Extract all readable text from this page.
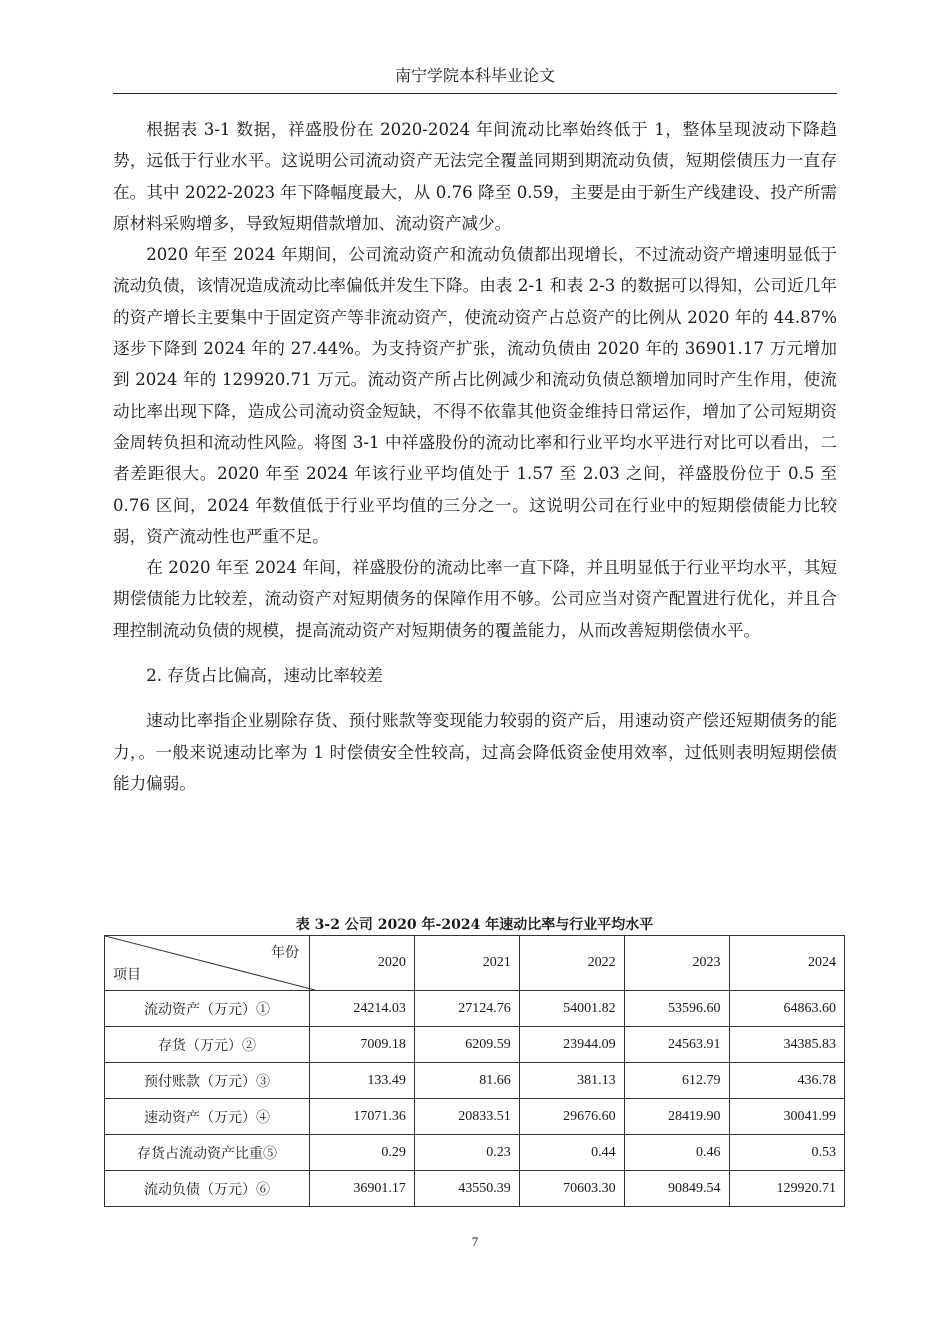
南宁学院本科毕业论文

根据表 3-1 数据，祥盛股份在 2020-2024 年间流动比率始终低于 1，整体呈现波动下降趋势，远低于行业水平。这说明公司流动资产无法完全覆盖同期到期流动负债，短期偿债压力一直存在。其中 2022-2023 年下降幅度最大，从 0.76 降至 0.59，主要是由于新生产线建设、投产所需原材料采购增多，导致短期借款增加、流动资产减少。

2020 年至 2024 年期间，公司流动资产和流动负债都出现增长，不过流动资产增速明显低于流动负债，该情况造成流动比率偏低并发生下降。由表 2-1 和表 2-3 的数据可以得知，公司近几年的资产增长主要集中于固定资产等非流动资产，使流动资产占总资产的比例从 2020 年的 44.87%逐步下降到 2024 年的 27.44%。为支持资产扩张，流动负债由 2020 年的 36901.17 万元增加到 2024 年的 129920.71 万元。流动资产所占比例减少和流动负债总额增加同时产生作用，使流动比率出现下降，造成公司流动资金短缺，不得不依靠其他资金维持日常运作，增加了公司短期资金周转负担和流动性风险。将图 3-1 中祥盛股份的流动比率和行业平均水平进行对比可以看出，二者差距很大。2020 年至 2024 年该行业平均值处于 1.57 至 2.03 之间，祥盛股份位于 0.5 至 0.76 区间，2024 年数值低于行业平均值的三分之一。这说明公司在行业中的短期偿债能力比较弱，资产流动性也严重不足。

在 2020 年至 2024 年间，祥盛股份的流动比率一直下降，并且明显低于行业平均水平，其短期偿债能力比较差，流动资产对短期债务的保障作用不够。公司应当对资产配置进行优化，并且合理控制流动负债的规模，提高流动资产对短期债务的覆盖能力，从而改善短期偿债水平。

2. 存货占比偏高，速动比率较差

速动比率指企业剔除存货、预付账款等变现能力较弱的资产后，用速动资产偿还短期债务的能力，。一般来说速动比率为 1 时偿债安全性较高，过高会降低资金使用效率，过低则表明短期偿债能力偏弱。

表 3-2 公司 2020 年-2024 年速动比率与行业平均水平
年份
项目	2020	2021	2022	2023	2024
流动资产（万元）①	24214.03	27124.76	54001.82	53596.60	64863.60
存货（万元）②	7009.18	6209.59	23944.09	24563.91	34385.83
预付账款（万元）③	133.49	81.66	381.13	612.79	436.78
速动资产（万元）④	17071.36	20833.51	29676.60	28419.90	30041.99
存货占流动资产比重⑤	0.29	0.23	0.44	0.46	0.53
流动负债（万元）⑥	36901.17	43550.39	70603.30	90849.54	129920.71
7
